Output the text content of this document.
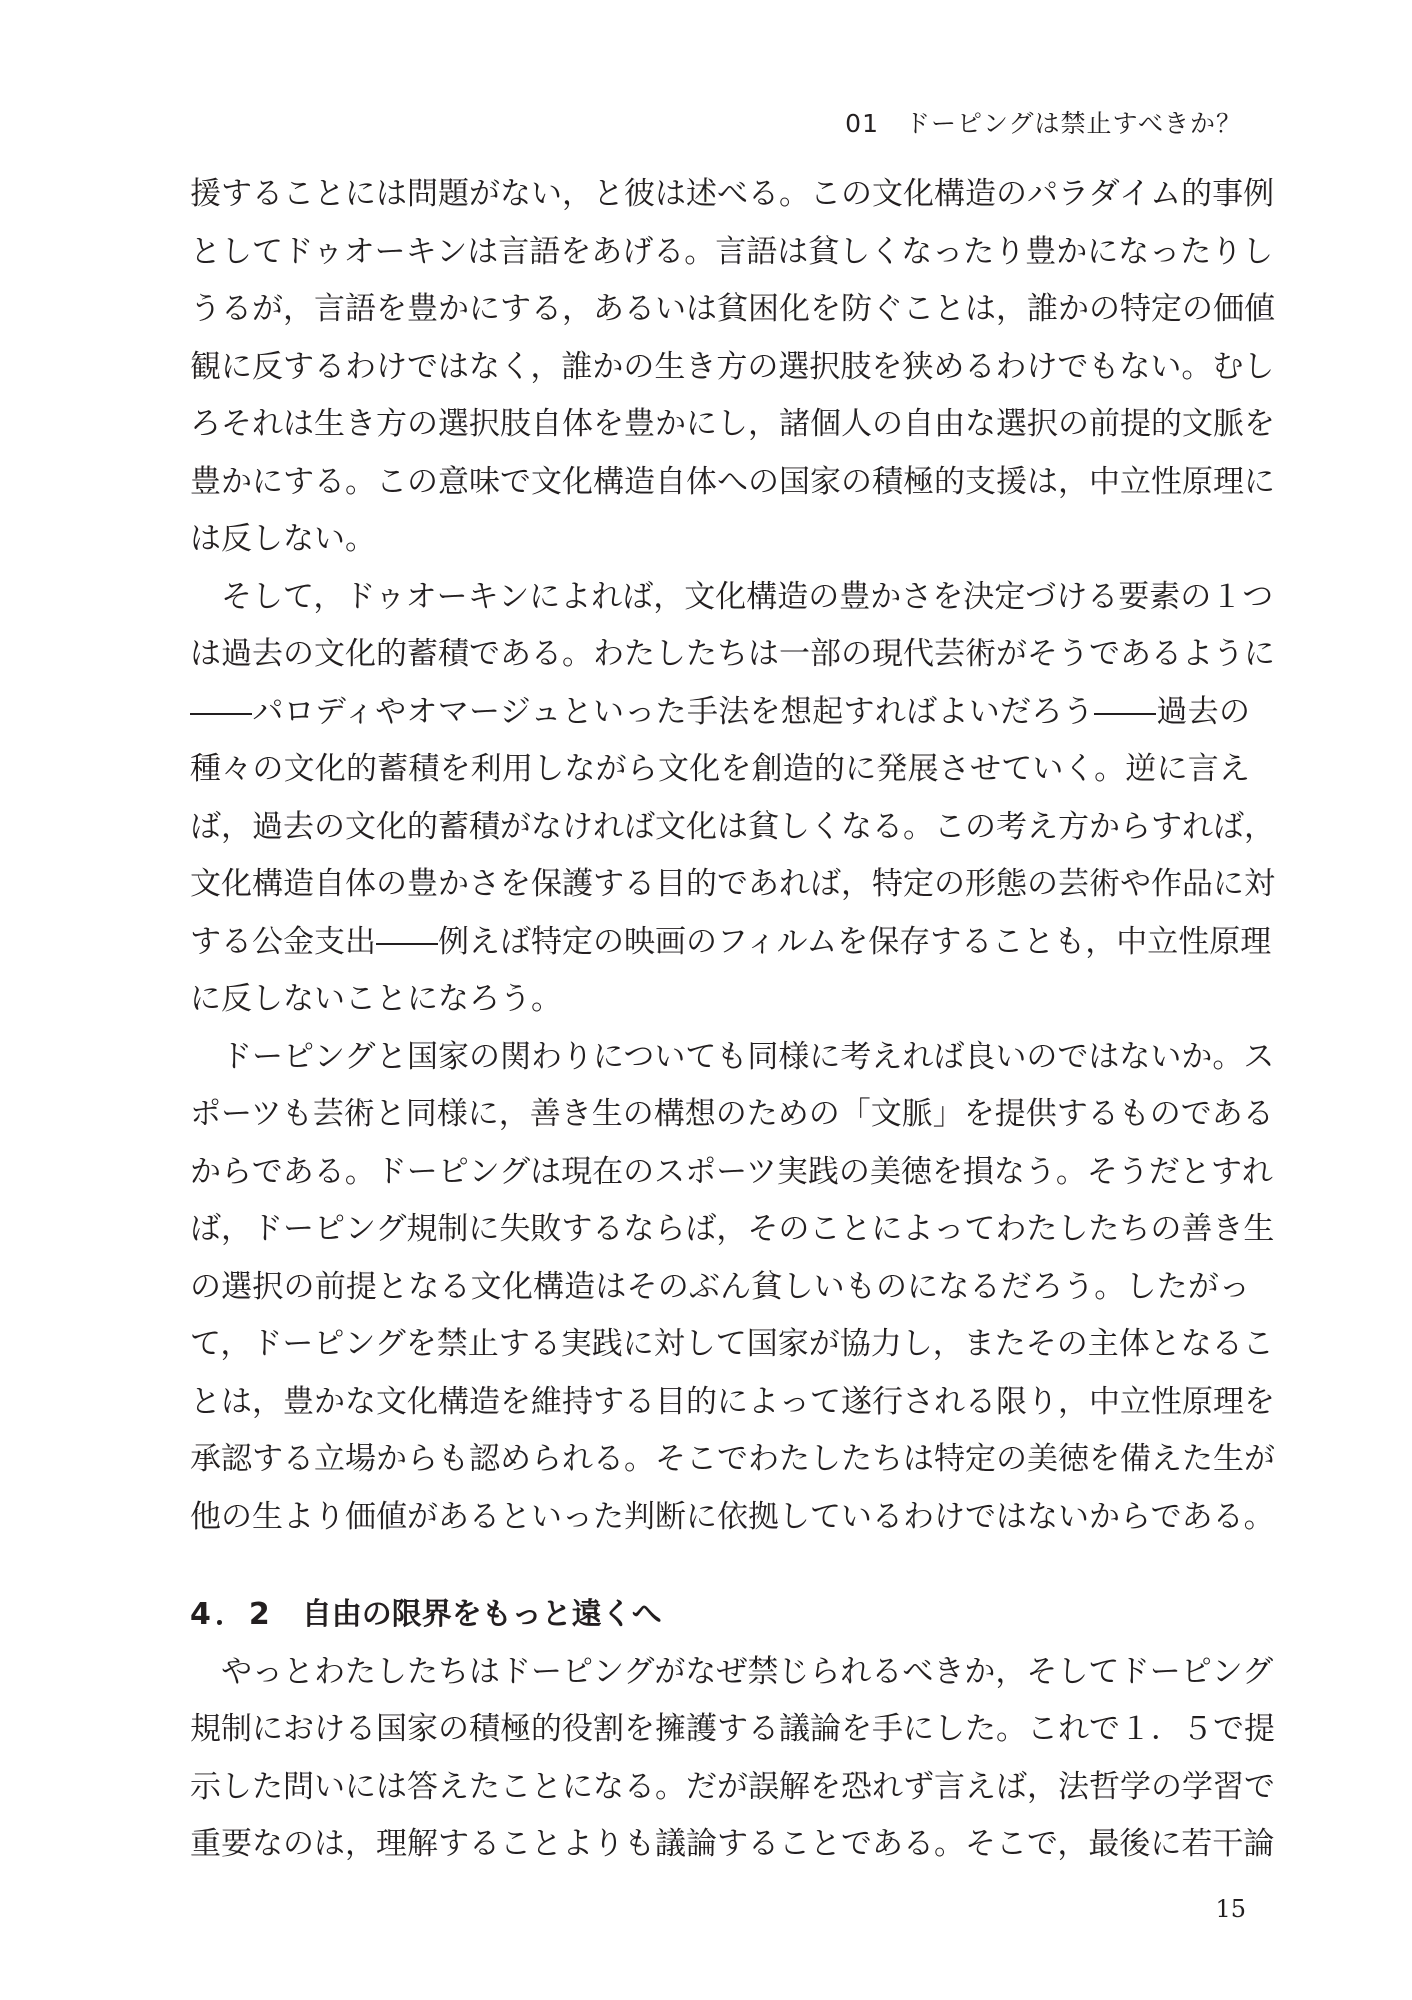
01 ドーピングは禁止すべきか？
援することには問題がない，と彼は述べる。この文化構造のパラダイム的事例
としてドゥオーキンは言語をあげる。言語は貧しくなったり豊かになったりし
うるが，言語を豊かにする，あるいは貧困化を防ぐことは，誰かの特定の価値
観に反するわけではなく，誰かの生き方の選択肢を狭めるわけでもない。むし
ろそれは生き方の選択肢自体を豊かにし，諸個人の自由な選択の前提的文脈を
豊かにする。この意味で文化構造自体への国家の積極的支援は，中立性原理に
は反しない。
そして，ドゥオーキンによれば，文化構造の豊かさを決定づける要素の１つ
は過去の文化的蓄積である。わたしたちは一部の現代芸術がそうであるように
――パロディやオマージュといった手法を想起すればよいだろう――過去の
種々の文化的蓄積を利用しながら文化を創造的に発展させていく。逆に言え
ば，過去の文化的蓄積がなければ文化は貧しくなる。この考え方からすれば，
文化構造自体の豊かさを保護する目的であれば，特定の形態の芸術や作品に対
する公金支出――例えば特定の映画のフィルムを保存することも，中立性原理
に反しないことになろう。
ドーピングと国家の関わりについても同様に考えれば良いのではないか。ス
ポーツも芸術と同様に，善き生の構想のための「文脈」を提供するものである
からである。ドーピングは現在のスポーツ実践の美徳を損なう。そうだとすれ
ば，ドーピング規制に失敗するならば，そのことによってわたしたちの善き生
の選択の前提となる文化構造はそのぶん貧しいものになるだろう。したがっ
て，ドーピングを禁止する実践に対して国家が協力し，またその主体となるこ
とは，豊かな文化構造を維持する目的によって遂行される限り，中立性原理を
承認する立場からも認められる。そこでわたしたちは特定の美徳を備えた生が
他の生より価値があるといった判断に依拠しているわけではないからである。
4．2 自由の限界をもっと遠くへ
やっとわたしたちはドーピングがなぜ禁じられるべきか，そしてドーピング
規制における国家の積極的役割を擁護する議論を手にした。これで１．５で提
示した問いには答えたことになる。だが誤解を恐れず言えば，法哲学の学習で
重要なのは，理解することよりも議論することである。そこで，最後に若干論
15
